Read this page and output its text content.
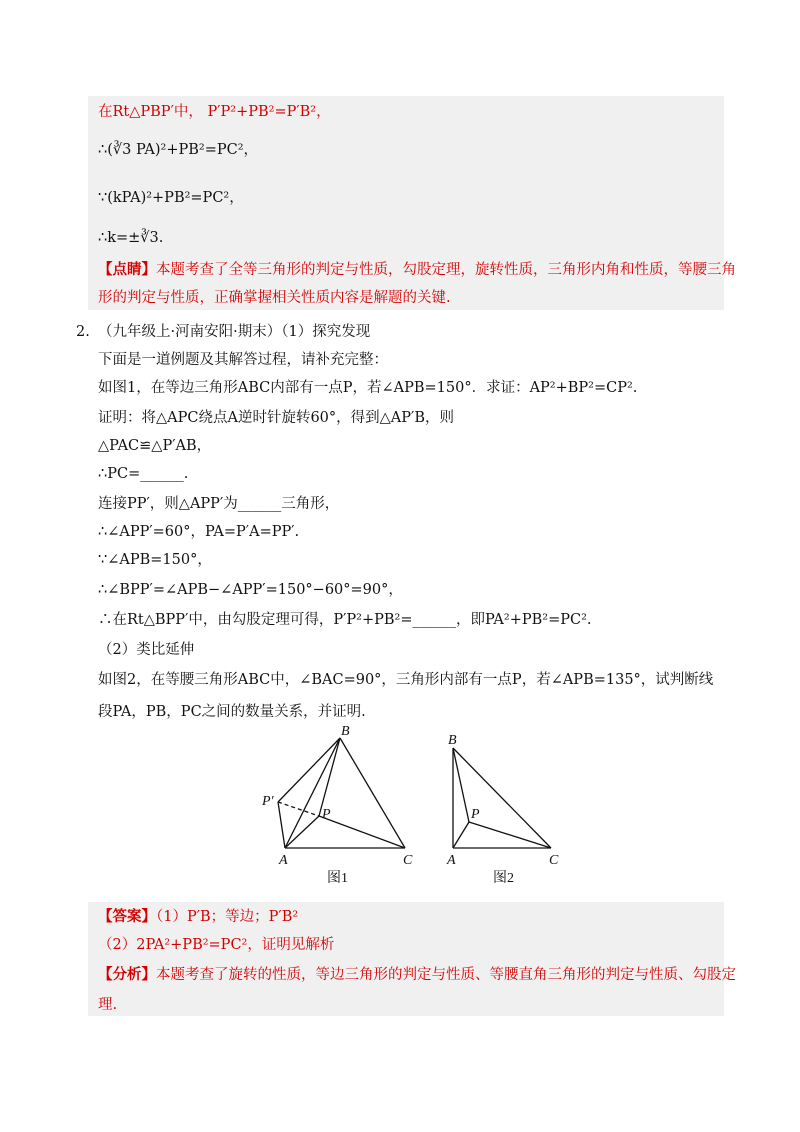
在Rt△PBP′中， P′P²+PB²=P′B²，
∴(∛3 PA)²+PB²=PC²，
∵(kPA)²+PB²=PC²，
∴k=±∛3.
【点睛】本题考查了全等三角形的判定与性质，勾股定理，旋转性质，三角形内角和性质，等腰三角
形的判定与性质，正确掌握相关性质内容是解题的关键.
2. （九年级上·河南安阳·期末）（1）探究发现
下面是一道例题及其解答过程，请补充完整：
如图1，在等边三角形ABC内部有一点P，若∠APB=150°．求证：AP²+BP²=CP².
证明：将△APC绕点A逆时针旋转60°，得到△AP′B，则
△PAC≌△P′AB，
∴PC=______.
连接PP′，则△APP′为______三角形，
∴∠APP′=60°，PA=P′A=PP′.
∵∠APB=150°，
∴∠BPP′=∠APB−∠APP′=150°−60°=90°，
∴在Rt△BPP′中，由勾股定理可得，P′P²+PB²=______，即PA²+PB²=PC².
（2）类比延伸
如图2，在等腰三角形ABC中，∠BAC=90°，三角形内部有一点P，若∠APB=135°，试判断线
段PA，PB，PC之间的数量关系，并证明.
B
P′
P
A	C
图1
B
P
A	C
图2
【答案】（1）P′B；等边；P′B²
（2）2PA²+PB²=PC²，证明见解析
【分析】本题考查了旋转的性质，等边三角形的判定与性质、等腰直角三角形的判定与性质、勾股定
理.
